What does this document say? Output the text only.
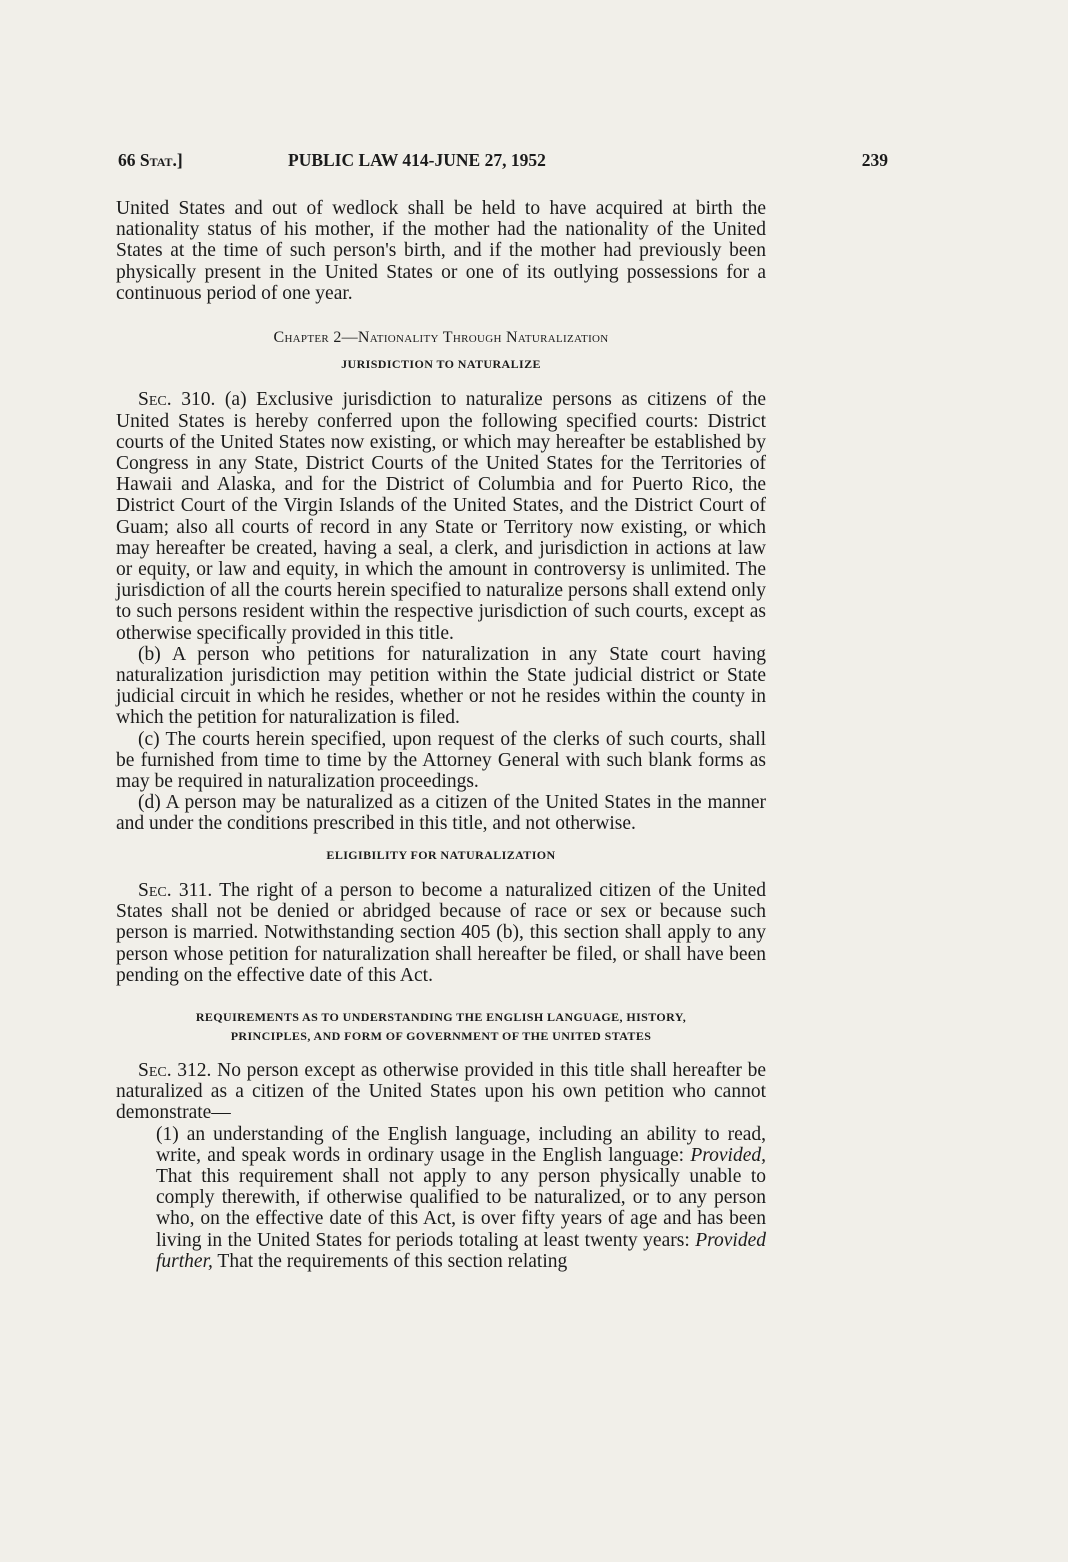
66 Stat.]	PUBLIC LAW 414-JUNE 27, 1952	239

United States and out of wedlock shall be held to have acquired at birth the nationality status of his mother, if the mother had the nationality of the United States at the time of such person's birth, and if the mother had previously been physically present in the United States or one of its outlying possessions for a continuous period of one year.

Chapter 2—Nationality Through Naturalization
JURISDICTION TO NATURALIZE

Sec. 310. (a) Exclusive jurisdiction to naturalize persons as citizens of the United States is hereby conferred upon the following specified courts: District courts of the United States now existing, or which may hereafter be established by Congress in any State, District Courts of the United States for the Territories of Hawaii and Alaska, and for the District of Columbia and for Puerto Rico, the District Court of the Virgin Islands of the United States, and the District Court of Guam; also all courts of record in any State or Territory now existing, or which may hereafter be created, having a seal, a clerk, and jurisdiction in actions at law or equity, or law and equity, in which the amount in controversy is unlimited. The jurisdiction of all the courts herein specified to naturalize persons shall extend only to such persons resident within the respective jurisdiction of such courts, except as otherwise specifically provided in this title.

(b) A person who petitions for naturalization in any State court having naturalization jurisdiction may petition within the State judicial district or State judicial circuit in which he resides, whether or not he resides within the county in which the petition for naturalization is filed.

(c) The courts herein specified, upon request of the clerks of such courts, shall be furnished from time to time by the Attorney General with such blank forms as may be required in naturalization proceedings.

(d) A person may be naturalized as a citizen of the United States in the manner and under the conditions prescribed in this title, and not otherwise.

ELIGIBILITY FOR NATURALIZATION

Sec. 311. The right of a person to become a naturalized citizen of the United States shall not be denied or abridged because of race or sex or because such person is married. Notwithstanding section 405 (b), this section shall apply to any person whose petition for naturalization shall hereafter be filed, or shall have been pending on the effective date of this Act.

REQUIREMENTS AS TO UNDERSTANDING THE ENGLISH LANGUAGE, HISTORY,
PRINCIPLES, AND FORM OF GOVERNMENT OF THE UNITED STATES

Sec. 312. No person except as otherwise provided in this title shall hereafter be naturalized as a citizen of the United States upon his own petition who cannot demonstrate—

(1) an understanding of the English language, including an ability to read, write, and speak words in ordinary usage in the English language: Provided, That this requirement shall not apply to any person physically unable to comply therewith, if otherwise qualified to be naturalized, or to any person who, on the effective date of this Act, is over fifty years of age and has been living in the United States for periods totaling at least twenty years: Provided further, That the requirements of this section relating
